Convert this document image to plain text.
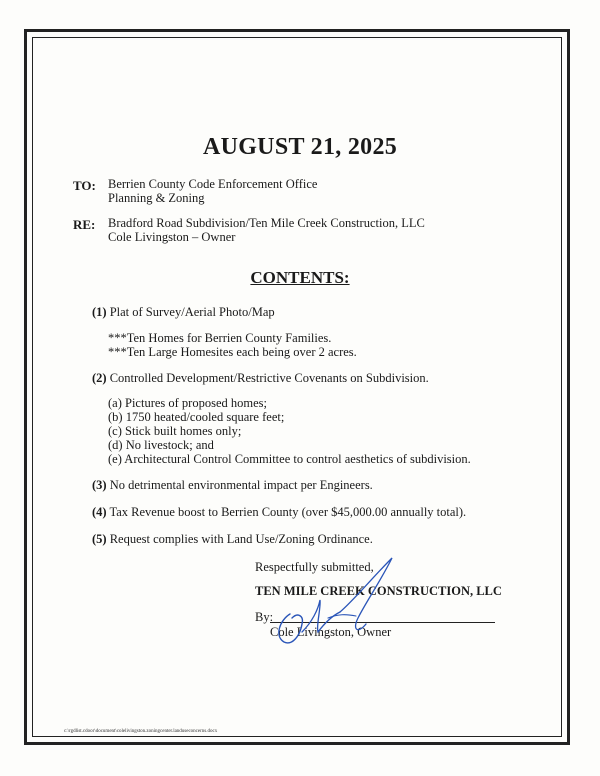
AUGUST 21, 2025
TO: Berrien County Code Enforcement Office
Planning & Zoning
RE: Bradford Road Subdivision/Ten Mile Creek Construction, LLC
Cole Livingston – Owner
CONTENTS:
(1) Plat of Survey/Aerial Photo/Map
***Ten Homes for Berrien County Families.
***Ten Large Homesites each being over 2 acres.
(2) Controlled Development/Restrictive Covenants on Subdivision.
(a) Pictures of proposed homes;
(b) 1750 heated/cooled square feet;
(c) Stick built homes only;
(d) No livestock; and
(e) Architectural Control Committee to control aesthetics of subdivision.
(3) No detrimental environmental impact per Engineers.
(4) Tax Revenue boost to Berrien County (over $45,000.00 annually total).
(5) Request complies with Land Use/Zoning Ordinance.
Respectfully submitted,
TEN MILE CREEK CONSTRUCTION, LLC
By:
Cole Livingston, Owner
c:\rgdlist.cdoor\document\colelivingston.zoningcenter.landuseconcerns.docx
